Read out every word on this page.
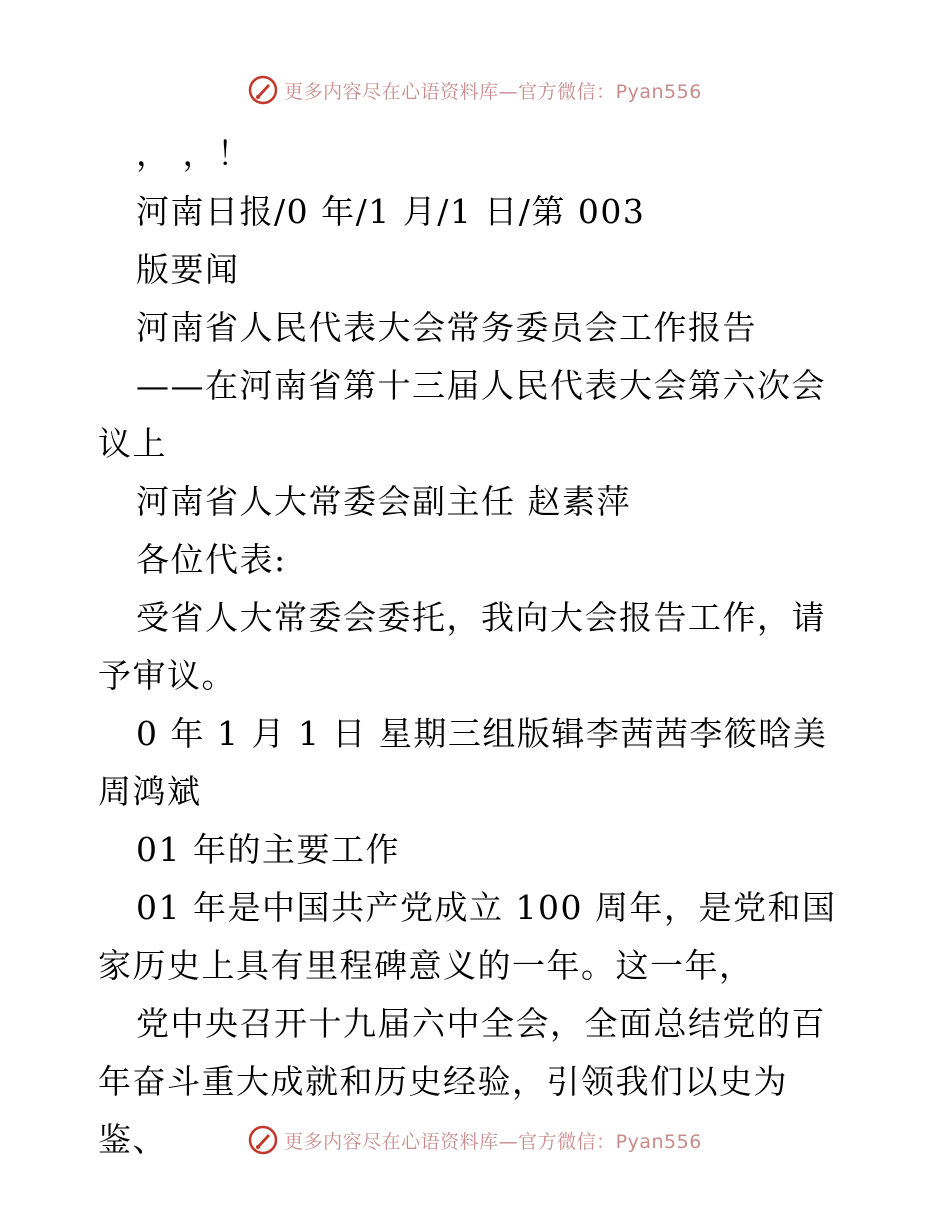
更多内容尽在心语资料库—官方微信：Pyan556

， ，！

河南日报/0 年/1 月/1 日/第 003

版要闻

河南省人民代表大会常务委员会工作报告

——在河南省第十三届人民代表大会第六次会议上

河南省人大常委会副主任 赵素萍

各位代表:

受省人大常委会委托，我向大会报告工作，请予审议。

0 年 1 月 1 日 星期三组版辑李茜茜李筱晗美周鸿斌

01 年的主要工作

01 年是中国共产党成立 100 周年，是党和国家历史上具有里程碑意义的一年。这一年，

党中央召开十九届六中全会，全面总结党的百年奋斗重大成就和历史经验，引领我们以史为鉴、	更多内容尽在心语资料库—官方微信：Pyan556
